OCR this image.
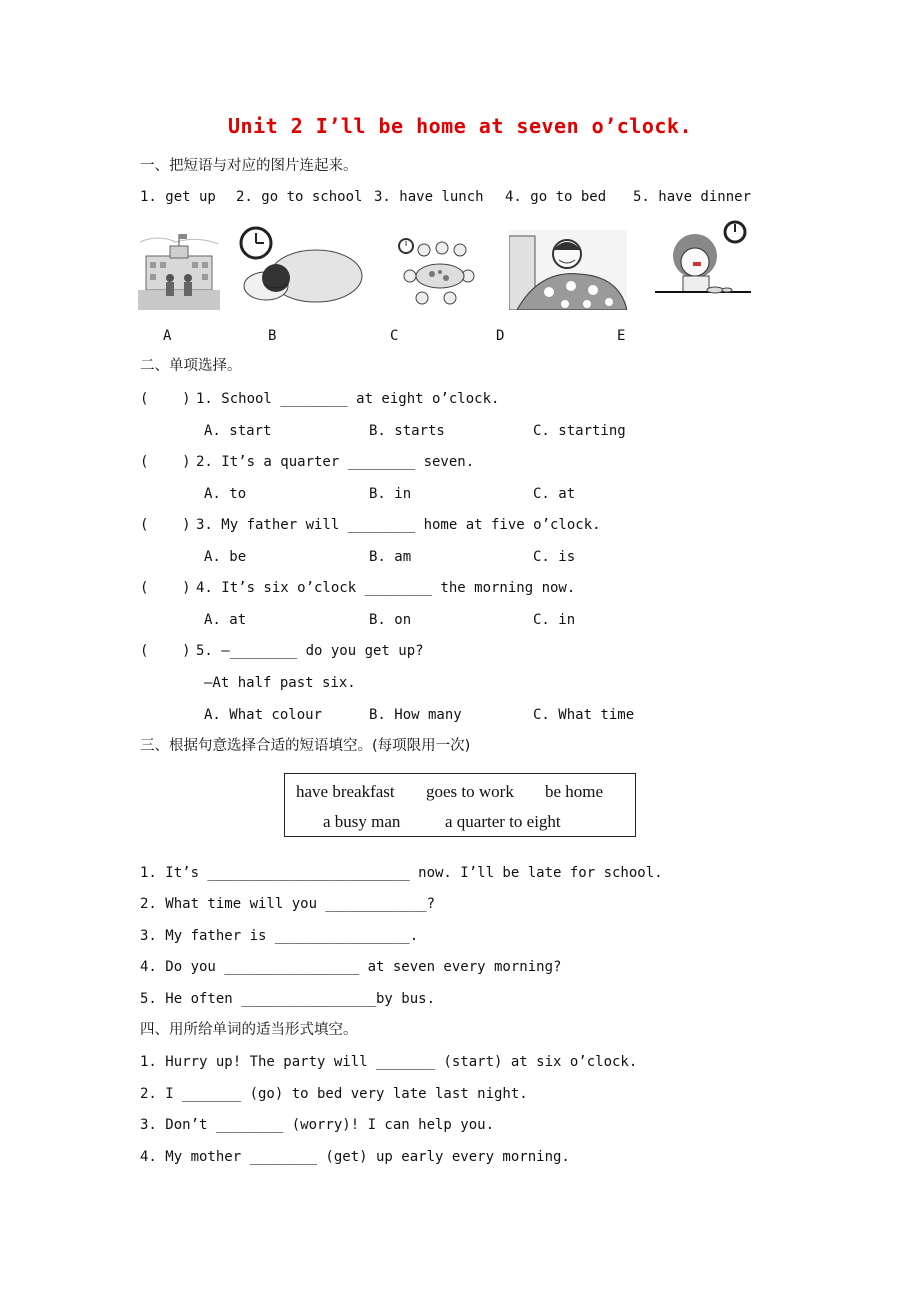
Unit 2 I’ll be home at seven o’clock.
一、把短语与对应的图片连起来。
1. get up 2. go to school 3. have lunch 4. go to bed 5. have dinner
A	B	C	D	E
二、单项选择。
(    ) 1. School ________ at eight o’clock.
A. start	B. starts	C. starting
(    ) 2. It’s a quarter ________ seven.
A. to	B. in	C. at
(    ) 3. My father will ________ home at five o’clock.
A. be	B. am	C. is
(    ) 4. It’s six o’clock ________ the morning now.
A. at	B. on	C. in
(    ) 5. —________ do you get up?
—At half past six.
A. What colour	B. How many	C. What time
三、根据句意选择合适的短语填空。(每项限用一次)
have breakfast goes to work be home
a busy man	a quarter to eight
1. It’s ________________________ now. I’ll be late for school.
2. What time will you ____________?
3. My father is ________________.
4. Do you ________________ at seven every morning?
5. He often ________________by bus.
四、用所给单词的适当形式填空。
1. Hurry up! The party will _______ (start) at six o’clock.
2. I _______ (go) to bed very late last night.
3. Don’t ________ (worry)! I can help you.
4. My mother ________ (get) up early every morning.
